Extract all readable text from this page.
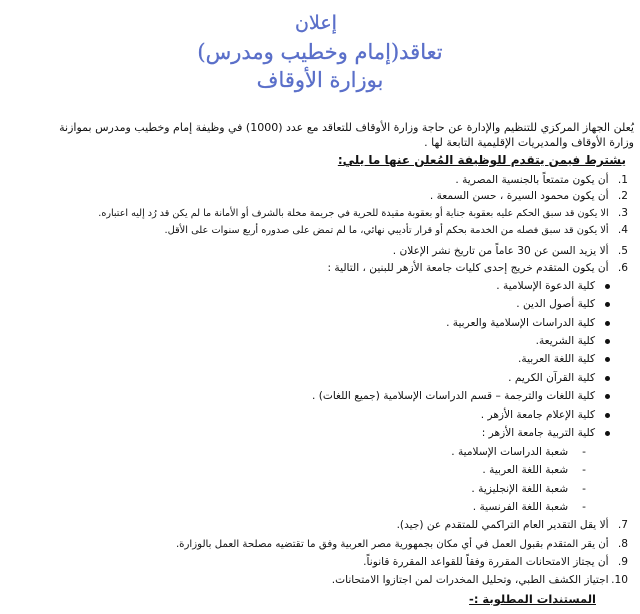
إعلان
تعاقد(إمام وخطيب ومدرس)
بوزارة الأوقاف
يُعلن الجهاز المركزي للتنظيم والإدارة عن حاجة وزارة الأوقاف للتعاقد مع عدد (1000) في وظيفة إمام وخطيب ومدرس بموازنة وزارة الأوقاف والمديريات الإقليمية التابعة لها .
يشترط فيمن يتقدم للوظيفة المُعلن عنها ما يلي:
1. أن يكون متمتعاً بالجنسية المصرية .
2. أن يكون محمود السيرة ، حسن السمعة .
3. الا يكون قد سبق الحكم عليه بعقوبة جناية أو بعقوبة مقيدة للحرية في جريمة مخلة بالشرف أو الأمانة ما لم يكن قد رُد إليه اعتباره.
4. ألا يكون قد سبق فصله من الخدمة بحكم أو قرار تأديبي نهائي، ما لم تمض على صدوره أربع سنوات على الأقل.
5. ألا يزيد السن عن 30 عاماً من تاريخ نشر الإعلان .
6. أن يكون المتقدم خريج إحدى كليات جامعة الأزهر للبنين ، التالية :
كلية الدعوة الإسلامية .
كلية أصول الدين .
كلية الدراسات الإسلامية والعربية .
كلية الشريعة.
كلية اللغة العربية.
كلية القرآن الكريم .
كلية اللغات والترجمة – قسم الدراسات الإسلامية (جميع اللغات) .
كلية الإعلام جامعة الأزهر .
كلية التربية جامعة الأزهر :
-شعبة الدراسات الإسلامية .
-شعبة اللغة العربية .
-شعبة اللغة الإنجليزية .
-شعبة اللغة الفرنسية .
7. ألا يقل التقدير العام التراكمي للمتقدم عن (جيد).
8. أن يقر المتقدم بقبول العمل في أي مكان بجمهورية مصر العربية وفق ما تقتضيه مصلحة العمل بالوزارة.
9. أن يجتاز الامتحانات المقررة وفقاً للقواعد المقررة قانوناً.
10. اجتياز الكشف الطبي، وتحليل المخدرات لمن اجتازوا الامتحانات.
المستندات المطلوبة :-
